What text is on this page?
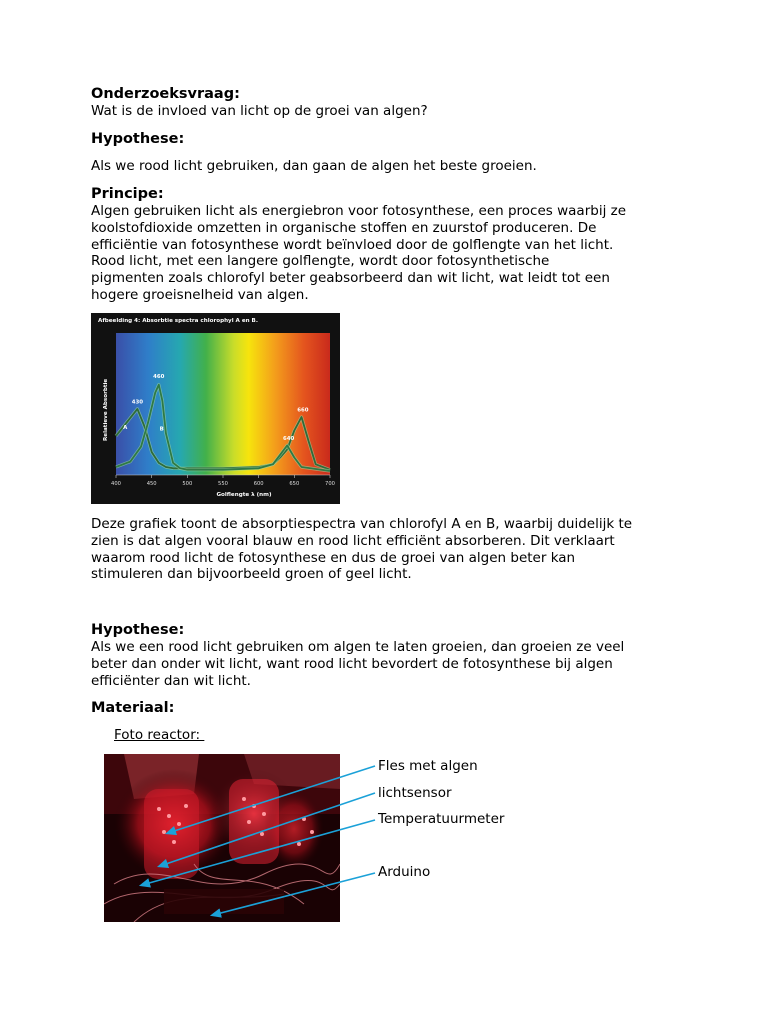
Onderzoeksvraag:
Wat is de invloed van licht op de groei van algen?
Hypothese:
Als we rood licht gebruiken, dan gaan de algen het beste groeien.
Principe:
Algen gebruiken licht als energiebron voor fotosynthese, een proces waarbij ze
koolstofdioxide omzetten in organische stoffen en zuurstof produceren. De
efficiëntie van fotosynthese wordt beïnvloed door de golflengte van het licht.
Rood licht, met een langere golflengte, wordt door fotosynthetische
pigmenten zoals chlorofyl beter geabsorbeerd dan wit licht, wat leidt tot een
hogere groeisnelheid van algen.
Afbeelding 4: Absorbtie spectra chlorophyl A en B.
400	450	500	550	600	650	700
430
460
640
660
A	B
Golflengte λ (nm)
Relatieve Absorbtie
Deze grafiek toont de absorptiespectra van chlorofyl A en B, waarbij duidelijk te
zien is dat algen vooral blauw en rood licht efficiënt absorberen. Dit verklaart
waarom rood licht de fotosynthese en dus de groei van algen beter kan
stimuleren dan bijvoorbeeld groen of geel licht.
Hypothese:
Als we een rood licht gebruiken om algen te laten groeien, dan groeien ze veel
beter dan onder wit licht, want rood licht bevordert de fotosynthese bij algen
efficiënter dan wit licht.
Materiaal:
Foto reactor:
Fles met algen
lichtsensor
Temperatuurmeter
Arduino
